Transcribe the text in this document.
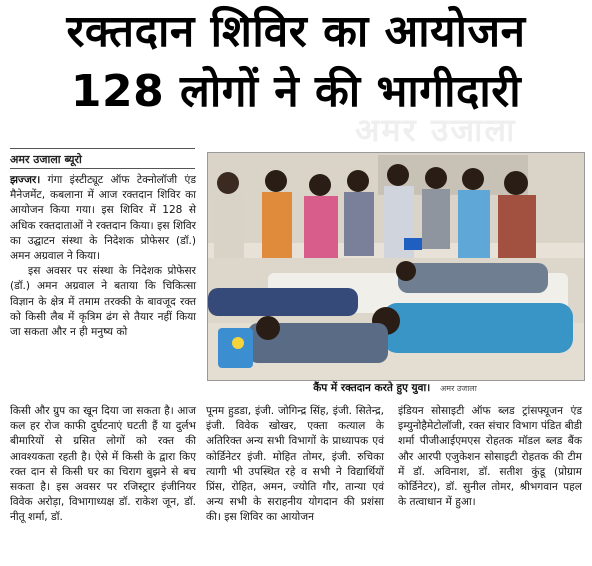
रक्तदान शिविर का आयोजन
128 लोगों ने की भागीदारी
अमर उजाला
अमर उजाला ब्यूरो

झज्जर। गंगा इंस्टीट्यूट ऑफ टेक्नोलॉजी एंड मैनेजमेंट, कबलाना में आज रक्तदान शिविर का आयोजन किया गया। इस शिविर में 128 से अधिक रक्तदाताओं ने रक्तदान किया। इस शिविर का उद्घाटन संस्था के निदेशक प्रोफेसर (डॉ.) अमन अग्रवाल ने किया।

इस अवसर पर संस्था के निदेशक प्रोफेसर (डॉ.) अमन अग्रवाल ने बताया कि चिकित्सा विज्ञान के क्षेत्र में तमाम तरक्की के बावजूद रक्त को किसी लैब में कृत्रिम ढंग से तैयार नहीं किया जा सकता और न ही मनुष्य को

कैंप में रक्तदान करते हुए युवा। अमर उजाला
किसी और ग्रुप का खून दिया जा सकता है। आज कल हर रोज काफी दुर्घटनाएं घटती हैं या दुर्लभ बीमारियों से ग्रसित लोगों को रक्त की आवश्यकता रहती है। ऐसे में किसी के द्वारा किए रक्त दान से किसी घर का चिराग बुझने से बच सकता है। इस अवसर पर रजिस्ट्रार इंजीनियर विवेक अरोड़ा, विभागाध्यक्ष डॉ. राकेश जून, डॉ. नीतू शर्मा, डॉ.
पूनम हुडडा, इंजी. जोगिन्द्र सिंह, इंजी. सितेन्द्र, इंजी. विवेक खोखर, एक्ता कत्याल के अतिरिक्त अन्य सभी विभागों के प्राध्यापक एवं कोर्डिनेटर इंजी. मोहित तोमर, इंजी. रुचिका त्यागी भी उपस्थित रहे व सभी ने विद्यार्थियों प्रिंस, रोहित, अमन, ज्योति गौर, तान्या एवं अन्य सभी के सराहनीय योगदान की प्रशंसा की। इस शिविर का आयोजन
इंडियन सोसाइटी ऑफ ब्लड ट्रांसफ्यूजन एंड इम्युनोहैमेटोलॉजी, रक्त संचार विभाग पंडित बीडी शर्मा पीजीआईएमएस रोहतक मॉडल ब्लड बैंक और आरपी एजुकेशन सोसाइटी रोहतक की टीम में डॉ. अविनाश, डॉ. सतीश कुंडू (प्रोग्राम कोर्डिनेटर), डॉ. सुनील तोमर, श्रीभगवान पहल के तत्वाधान में हुआ।
